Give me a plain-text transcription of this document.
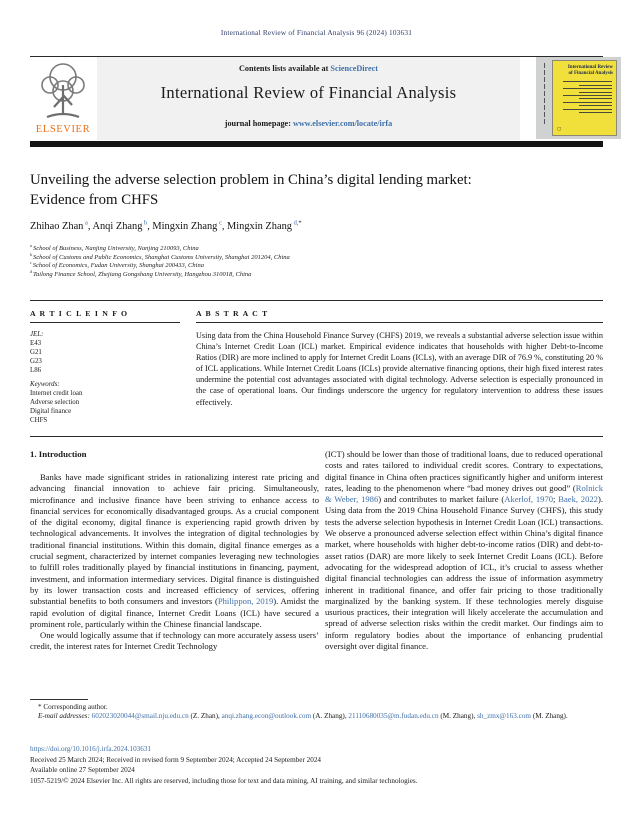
International Review of Financial Analysis 96 (2024) 103631
Contents lists available at ScienceDirect
International Review of Financial Analysis
journal homepage: www.elsevier.com/locate/irfa
ELSEVIER
International Review of Financial Analysis
▢
Unveiling the adverse selection problem in China’s digital lending market:
Evidence from CHFS
Zhihao Zhan $^a$, Anqi Zhang $^b$, Mingxin Zhang $^c$, Mingxin Zhang $^{d,*}$
$^a$ School of Business, Nanjing University, Nanjing 210093, China
$^b$ School of Customs and Public Economics, Shanghai Customs University, Shanghai 201204, China
$^c$ School of Economics, Fudan University, Shanghai 200433, China
$^d$ Tailong Finance School, Zhejiang Gongshang University, Hangzhou 310018, China
A R T I C L E I N F O
JEL:
E43
G21
G23
L86
Keywords:
Internet credit loan
Adverse selection
Digital finance
CHFS
A B S T R A C T
Using data from the China Household Finance Survey (CHFS) 2019, we reveals a substantial adverse selection issue within China’s Internet Credit Loan (ICL) market. Empirical evidence indicates that households with higher Debt-to-Income Ratios (DIR) are more inclined to apply for Internet Credit Loans (ICLs), with an average DIR of 76.9 %, constituting 20 % of ICL applications. While Internet Credit Loans (ICLs) provide alternative financing options, their high fixed interest rates undermine the potential cost advantages associated with digital technology. Adverse selection is especially pronounced in the case of operational loans. Our findings underscore the urgency for regulatory intervention to address these issues effectively.
1. Introduction
Banks have made significant strides in rationalizing interest rate pricing and advancing financial innovation to achieve fair pricing. Simultaneously, microfinance and inclusive finance have been striving to enhance access to financial services for economically disadvantaged groups. As a crucial component of the digital economy, digital finance is experiencing rapid growth driven by technological advancements. It involves the integration of digital technologies by traditional financial institutions. Within this domain, digital finance emerges as a crucial segment, characterized by internet companies leveraging new technologies to fulfill roles traditionally played by financial institutions in financing, payment, investment, and information intermediary services. Digital finance is distinguished by its lower transaction costs and increased efficiency of services, offering substantial benefits to both consumers and investors (Philippon, 2019). Amidst the rapid evolution of digital finance, Internet Credit Loans (ICL) have secured a prominent role, particularly within the Chinese financial landscape.
One would logically assume that if technology can more accurately assess users’ credit, the interest rates for Internet Credit Technology
(ICT) should be lower than those of traditional loans, due to reduced operational costs and rates tailored to individual credit scores. Contrary to expectations, digital finance in China often practices significantly higher and uniform interest rates, leading to the phenomenon where “bad money drives out good” (Rolnick & Weber, 1986) and contributes to market failure (Akerlof, 1970; Baek, 2022). Using data from the 2019 China Household Finance Survey (CHFS), this study tests the adverse selection hypothesis in Internet Credit Loan (ICL) transactions. We observe a pronounced adverse selection effect within China’s digital finance market, where households with higher debt-to-income ratios (DIR) and debt-to-asset ratios (DAR) are more likely to seek Internet Credit Loans (ICL). Before advocating for the widespread adoption of ICL, it’s crucial to assess whether digital financial technologies can address the issue of information asymmetry inherent in traditional finance, and offer fair pricing to those traditionally marginalized by the banking system. If these technologies merely disguise usurious practices, their integration will likely accelerate the accumulation and spread of adverse selection risks within the credit market. Our findings aim to inform regulatory bodies about the importance of enhancing prudential oversight over digital finance.
* Corresponding author.
E-mail addresses: 602023020044@smail.nju.edu.cn (Z. Zhan), anqi.zhang.econ@outlook.com (A. Zhang), 21110680035@m.fudan.edu.cn (M. Zhang), sh_zmx@163.com (M. Zhang).
https://doi.org/10.1016/j.irfa.2024.103631
Received 25 March 2024; Received in revised form 9 September 2024; Accepted 24 September 2024
Available online 27 September 2024
1057-5219/© 2024 Elsevier Inc. All rights are reserved, including those for text and data mining, AI training, and similar technologies.
